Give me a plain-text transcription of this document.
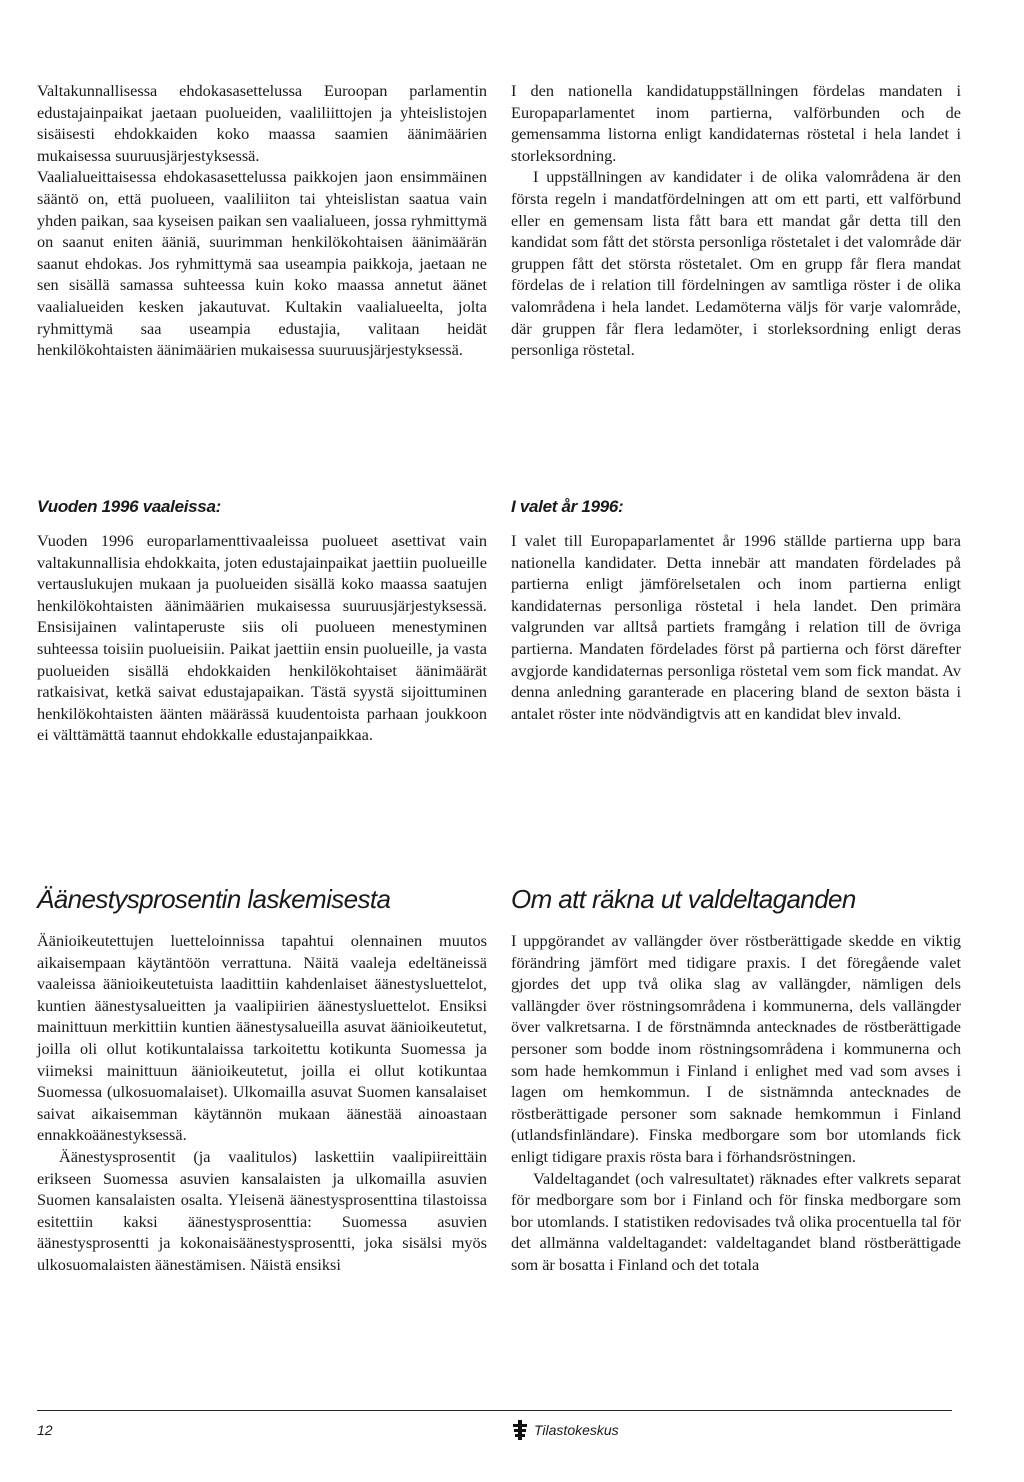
Valtakunnallisessa ehdokasasettelussa Euroopan parlamentin edustajainpaikat jaetaan puolueiden, vaaliliittojen ja yhteislistojen sisäisesti ehdokkaiden koko maassa saamien äänimäärien mukaisessa suuruusjärjestyksessä.

Vaalialueittaisessa ehdokasasettelussa paikkojen jaon ensimmäinen sääntö on, että puolueen, vaaliliiton tai yhteislistan saatua vain yhden paikan, saa kyseisen paikan sen vaalialueen, jossa ryhmittymä on saanut eniten ääniä, suurimman henkilökohtaisen äänimäärän saanut ehdokas. Jos ryhmittymä saa useampia paikkoja, jaetaan ne sen sisällä samassa suhteessa kuin koko maassa annetut äänet vaalialueiden kesken jakautuvat. Kultakin vaalialueelta, jolta ryhmittymä saa useampia edustajia, valitaan heidät henkilökohtaisten äänimäärien mukaisessa suuruusjärjestyksessä.

I den nationella kandidatuppställningen fördelas mandaten i Europaparlamentet inom partierna, valförbunden och de gemensamma listorna enligt kandidaternas röstetal i hela landet i storleksordning.

I uppställningen av kandidater i de olika valområdena är den första regeln i mandatfördelningen att om ett parti, ett valförbund eller en gemensam lista fått bara ett mandat går detta till den kandidat som fått det största personliga röstetalet i det valområde där gruppen fått det största röstetalet. Om en grupp får flera mandat fördelas de i relation till fördelningen av samtliga röster i de olika valområdena i hela landet. Ledamöterna väljs för varje valområde, där gruppen får flera ledamöter, i storleksordning enligt deras personliga röstetal.

Vuoden 1996 vaaleissa:	I valet år 1996:

Vuoden 1996 europarlamenttivaaleissa puolueet asettivat vain valtakunnallisia ehdokkaita, joten edustajainpaikat jaettiin puolueille vertauslukujen mukaan ja puolueiden sisällä koko maassa saatujen henkilökohtaisten äänimäärien mukaisessa suuruusjärjestyksessä. Ensisijainen valintaperuste siis oli puolueen menestyminen suhteessa toisiin puolueisiin. Paikat jaettiin ensin puolueille, ja vasta puolueiden sisällä ehdokkaiden henkilökohtaiset äänimäärät ratkaisivat, ketkä saivat edustajapaikan. Tästä syystä sijoittuminen henkilökohtaisten äänten määrässä kuudentoista parhaan joukkoon ei välttämättä taannut ehdokkalle edustajanpaikkaa.

I valet till Europaparlamentet år 1996 ställde partierna upp bara nationella kandidater. Detta innebär att mandaten fördelades på partierna enligt jämförelsetalen och inom partierna enligt kandidaternas personliga röstetal i hela landet. Den primära valgrunden var alltså partiets framgång i relation till de övriga partierna. Mandaten fördelades först på partierna och först därefter avgjorde kandidaternas personliga röstetal vem som fick mandat. Av denna anledning garanterade en placering bland de sexton bästa i antalet röster inte nödvändigtvis att en kandidat blev invald.

Äänestysprosentin laskemisesta	Om att räkna ut valdeltaganden

Äänioikeutettujen luetteloinnissa tapahtui olennainen muutos aikaisempaan käytäntöön verrattuna. Näitä vaaleja edeltäneissä vaaleissa äänioikeutetuista laadittiin kahdenlaiset äänestysluettelot, kuntien äänestysalueitten ja vaalipiirien äänestysluettelot. Ensiksi mainittuun merkittiin kuntien äänestysalueilla asuvat äänioikeutetut, joilla oli ollut kotikuntalaissa tarkoitettu kotikunta Suomessa ja viimeksi mainittuun äänioikeutetut, joilla ei ollut kotikuntaa Suomessa (ulkosuomalaiset). Ulkomailla asuvat Suomen kansalaiset saivat aikaisemman käytännön mukaan äänestää ainoastaan ennakkoäänestyksessä.

Äänestysprosentit (ja vaalitulos) laskettiin vaalipiireittäin erikseen Suomessa asuvien kansalaisten ja ulkomailla asuvien Suomen kansalaisten osalta. Yleisenä äänestysprosenttina tilastoissa esitettiin kaksi äänestysprosenttia: Suomessa asuvien äänestysprosentti ja kokonaisäänestysprosentti, joka sisälsi myös ulkosuomalaisten äänestämisen. Näistä ensiksi

I uppgörandet av vallängder över röstberättigade skedde en viktig förändring jämfört med tidigare praxis. I det föregående valet gjordes det upp två olika slag av vallängder, nämligen dels vallängder över röstningsområdena i kommunerna, dels vallängder över valkretsarna. I de förstnämnda antecknades de röstberättigade personer som bodde inom röstningsområdena i kommunerna och som hade hemkommun i Finland i enlighet med vad som avses i lagen om hemkommun. I de sistnämnda antecknades de röstberättigade personer som saknade hemkommun i Finland (utlandsfinländare). Finska medborgare som bor utomlands fick enligt tidigare praxis rösta bara i förhandsröstningen.

Valdeltagandet (och valresultatet) räknades efter valkrets separat för medborgare som bor i Finland och för finska medborgare som bor utomlands. I statistiken redovisades två olika procentuella tal för det allmänna valdeltagandet: valdeltagandet bland röstberättigade som är bosatta i Finland och det totala

12	Tilastokeskus
